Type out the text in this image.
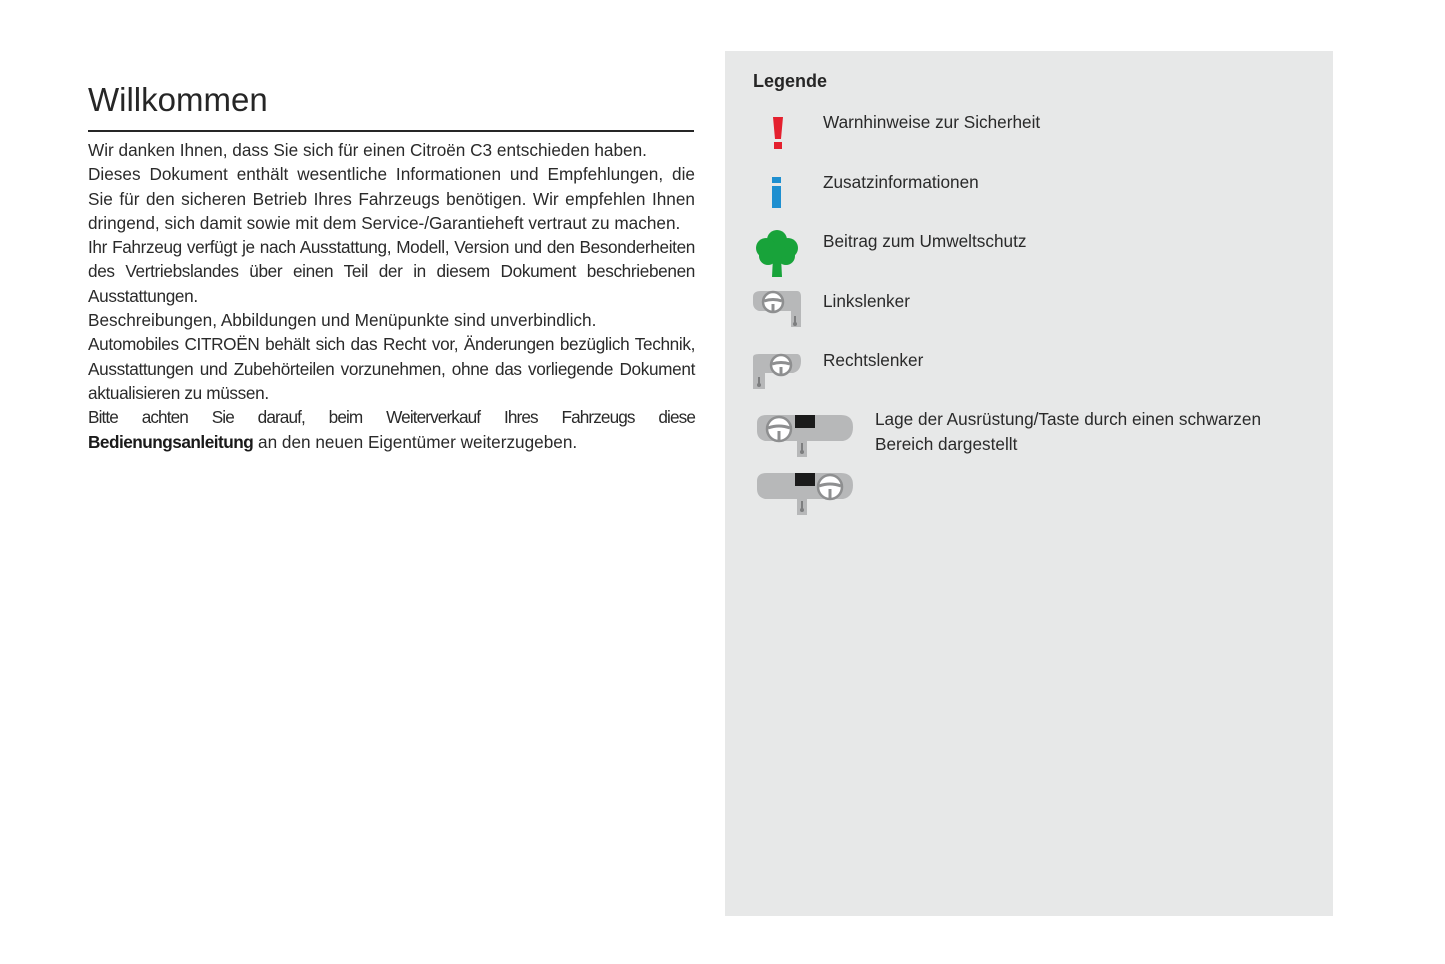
Willkommen

Wir danken Ihnen, dass Sie sich für einen Citroën C3 entschieden haben.

Dieses Dokument enthält wesentliche Informationen und Empfehlungen, die Sie für den sicheren Betrieb Ihres Fahrzeugs benötigen. Wir empfehlen Ihnen dringend, sich damit sowie mit dem Service-/Garantieheft vertraut zu machen.

Ihr Fahrzeug verfügt je nach Ausstattung, Modell, Version und den Besonderheiten des Vertriebslandes über einen Teil der in diesem Dokument beschriebenen Ausstattungen.

Beschreibungen, Abbildungen und Menüpunkte sind unverbindlich.

Automobiles CITROËN behält sich das Recht vor, Änderungen bezüglich Technik, Ausstattungen und Zubehörteilen vorzunehmen, ohne das vorliegende Dokument aktualisieren zu müssen.

Bitte achten Sie darauf, beim Weiterverkauf Ihres Fahrzeugs diese Bedienungsanleitung an den neuen Eigentümer weiterzugeben.

Legende
Warnhinweise zur Sicherheit
Zusatzinformationen
Beitrag zum Umweltschutz
Linkslenker
Rechtslenker
Lage der Ausrüstung/Taste durch einen schwarzen Bereich dargestellt
